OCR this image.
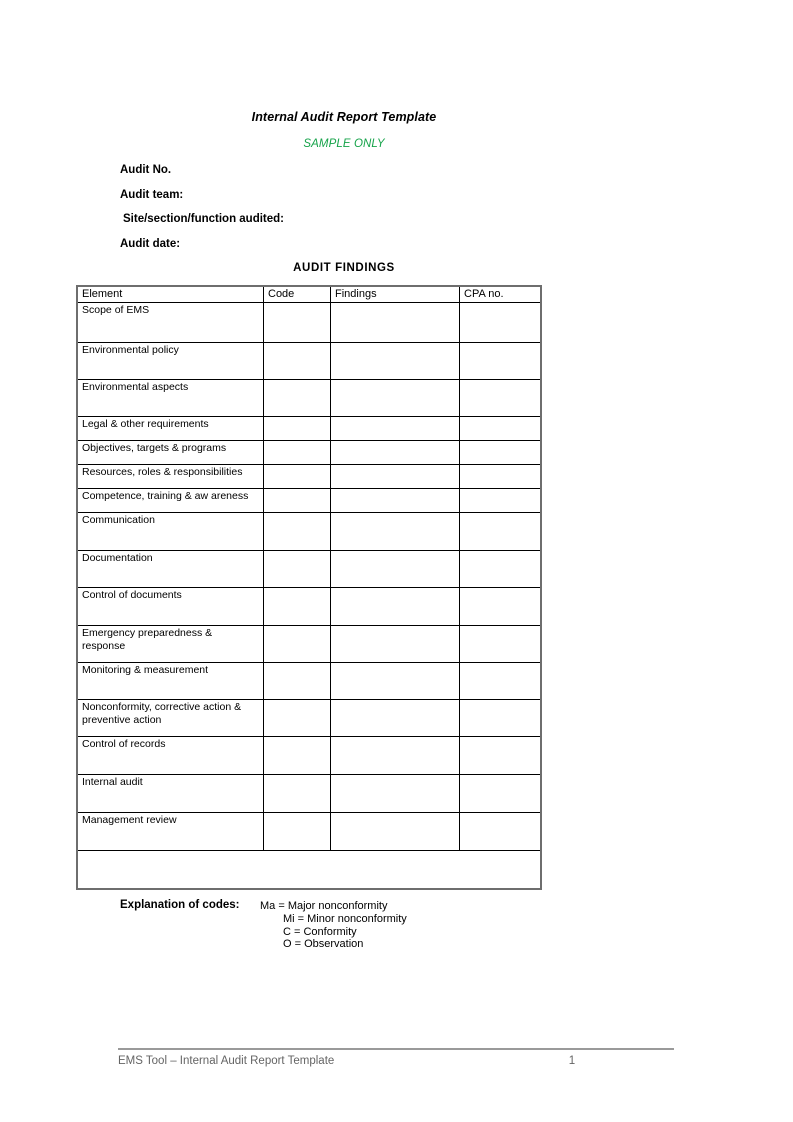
Internal Audit Report Template
SAMPLE ONLY
Audit No.
Audit team:
Site/section/function audited:
Audit date:
AUDIT FINDINGS
Element	Code	Findings	CPA no.

Scope of EMS			

Environmental policy			

Environmental aspects			

Legal & other requirements			

Objectives, targets & programs			

Resources, roles & responsibilities			

Competence, training & aw areness			

Communication			

Documentation			

Control of documents			

Emergency preparedness &
response			

Monitoring & measurement			

Nonconformity, corrective action &
preventive action			

Control of records			

Internal audit			

Management review			

Explanation of codes: Ma = Major nonconformity
Mi = Minor nonconformity
C = Conformity
O = Observation
EMS Tool – Internal Audit Report Template	1
